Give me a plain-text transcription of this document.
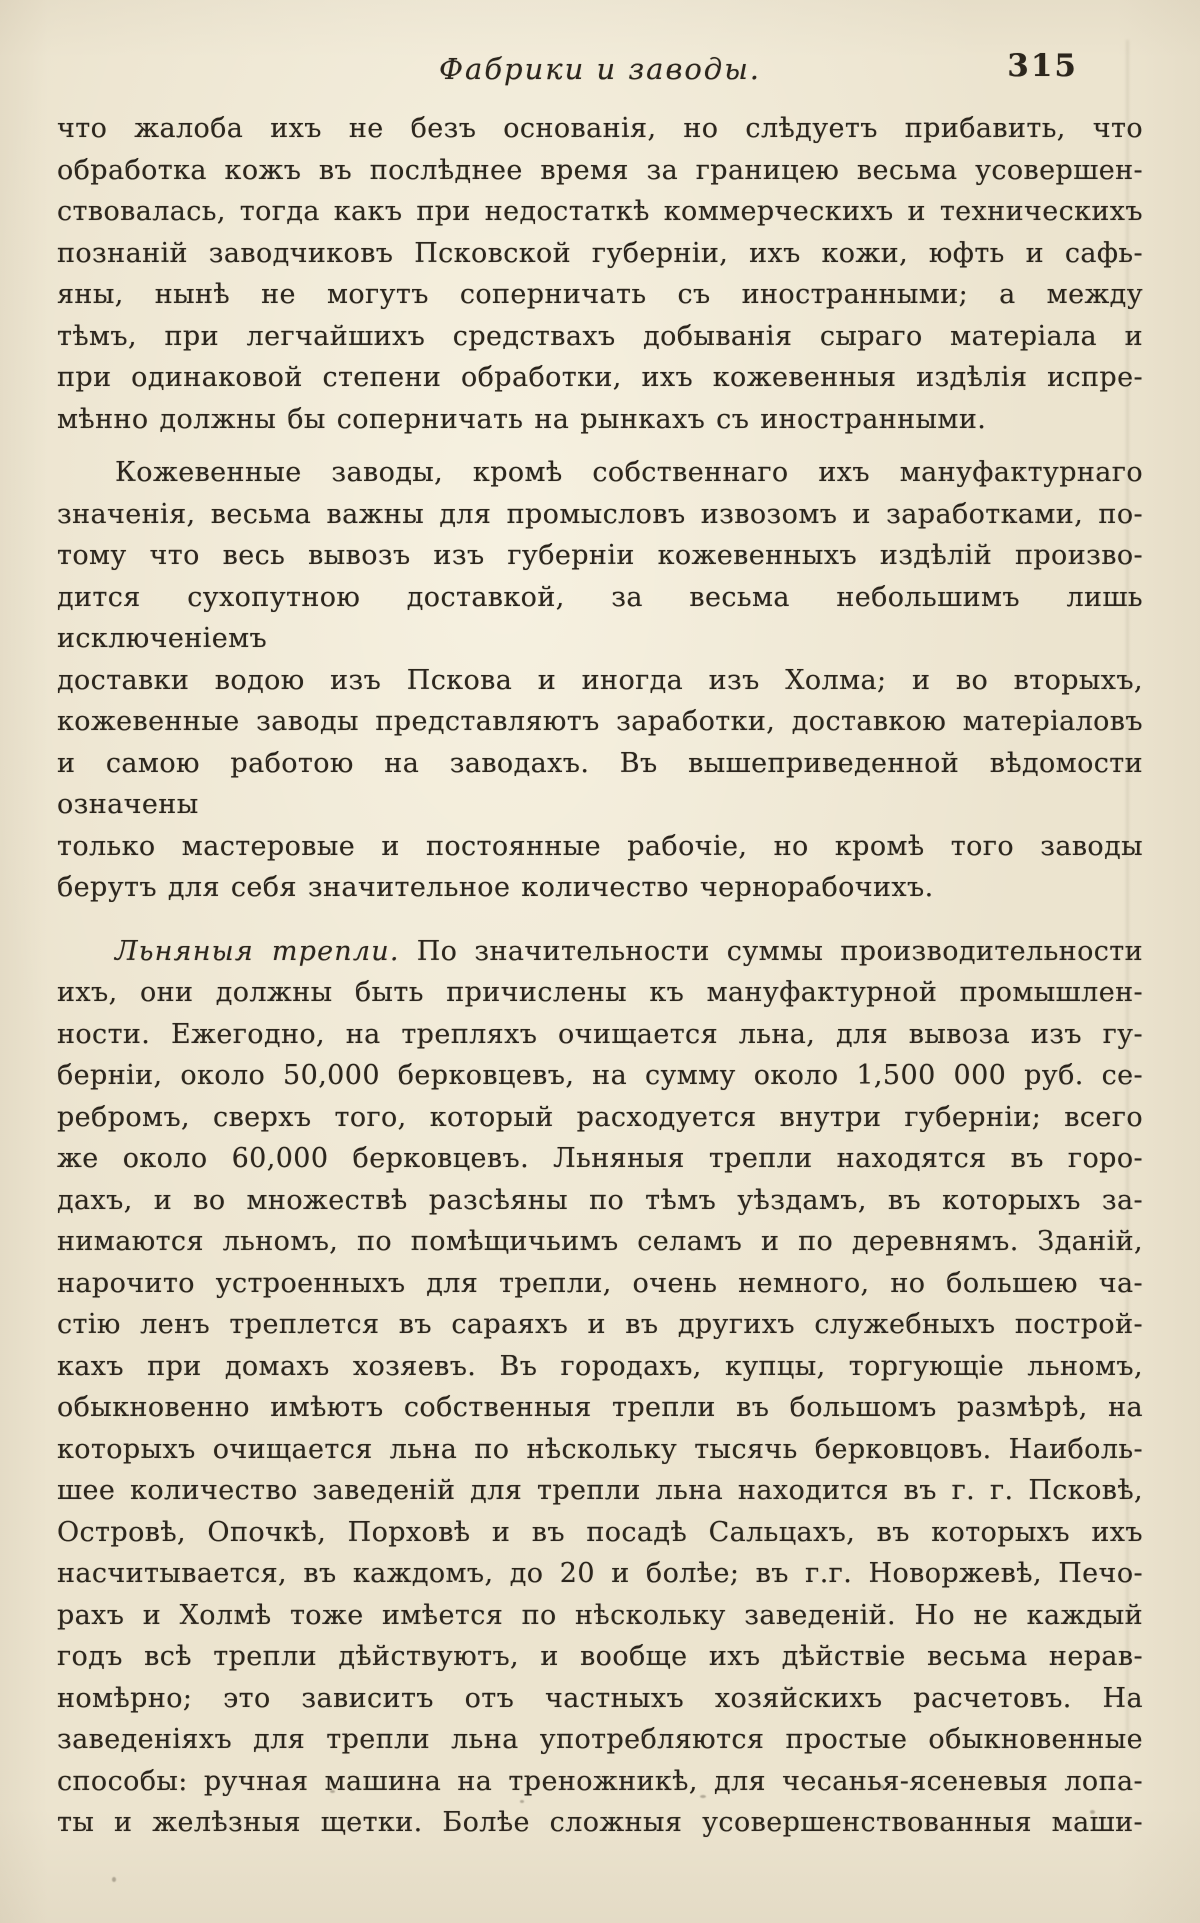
Фабрики и заводы.	315
что жалоба ихъ не безъ основанія, но слѣдуетъ прибавить, что
обработка кожъ въ послѣднее время за границею весьма усовершен-
ствовалась, тогда какъ при недостаткѣ коммерческихъ и техническихъ
познаній заводчиковъ Псковской губерніи, ихъ кожи, юфть и сафь-
яны, нынѣ не могутъ соперничать съ иностранными; а между
тѣмъ, при легчайшихъ средствахъ добыванія сыраго матеріала и
при одинаковой степени обработки, ихъ кожевенныя издѣлія испре-
мѣнно должны бы соперничать на рынкахъ съ иностранными.
Кожевенные заводы, кромѣ собственнаго ихъ мануфактурнаго
значенія, весьма важны для промысловъ извозомъ и заработками, по-
тому что весь вывозъ изъ губерніи кожевенныхъ издѣлій произво-
дится сухопутною доставкой, за весьма небольшимъ лишь исключеніемъ
доставки водою изъ Пскова и иногда изъ Холма; и во вторыхъ,
кожевенные заводы представляютъ заработки, доставкою матеріаловъ
и самою работою на заводахъ. Въ вышеприведенной вѣдомости означены
только мастеровые и постоянные рабочіе, но кромѣ того заводы
берутъ для себя значительное количество чернорабочихъ.
Льняныя трепли. По значительности суммы производительности
ихъ, они должны быть причислены къ мануфактурной промышлен-
ности. Ежегодно, на трепляхъ очищается льна, для вывоза изъ гу-
берніи, около 50,000 берковцевъ, на сумму около 1,500 000 руб. се-
ребромъ, сверхъ того, который расходуется внутри губерніи; всего
же около 60,000 берковцевъ. Льняныя трепли находятся въ горо-
дахъ, и во множествѣ разсѣяны по тѣмъ уѣздамъ, въ которыхъ за-
нимаются льномъ, по помѣщичьимъ селамъ и по деревнямъ. Зданій,
нарочито устроенныхъ для трепли, очень немного, но большею ча-
стію ленъ треплется въ сараяхъ и въ другихъ служебныхъ построй-
кахъ при домахъ хозяевъ. Въ городахъ, купцы, торгующіе льномъ,
обыкновенно имѣютъ собственныя трепли въ большомъ размѣрѣ, на
которыхъ очищается льна по нѣскольку тысячь берковцовъ. Наиболь-
шее количество заведеній для трепли льна находится въ г. г. Псковѣ,
Островѣ, Опочкѣ, Порховѣ и въ посадѣ Сальцахъ, въ которыхъ ихъ
насчитывается, въ каждомъ, до 20 и болѣе; въ г.г. Новоржевѣ, Печо-
рахъ и Холмѣ тоже имѣется по нѣскольку заведеній. Но не каждый
годъ всѣ трепли дѣйствуютъ, и вообще ихъ дѣйствіе весьма нерав-
номѣрно; это зависитъ отъ частныхъ хозяйскихъ расчетовъ. На
заведеніяхъ для трепли льна употребляются простые обыкновенные
способы: ручная машина на треножникѣ, для чесанья-ясеневыя лопа-
ты и желѣзныя щетки. Болѣе сложныя усовершенствованныя маши-
